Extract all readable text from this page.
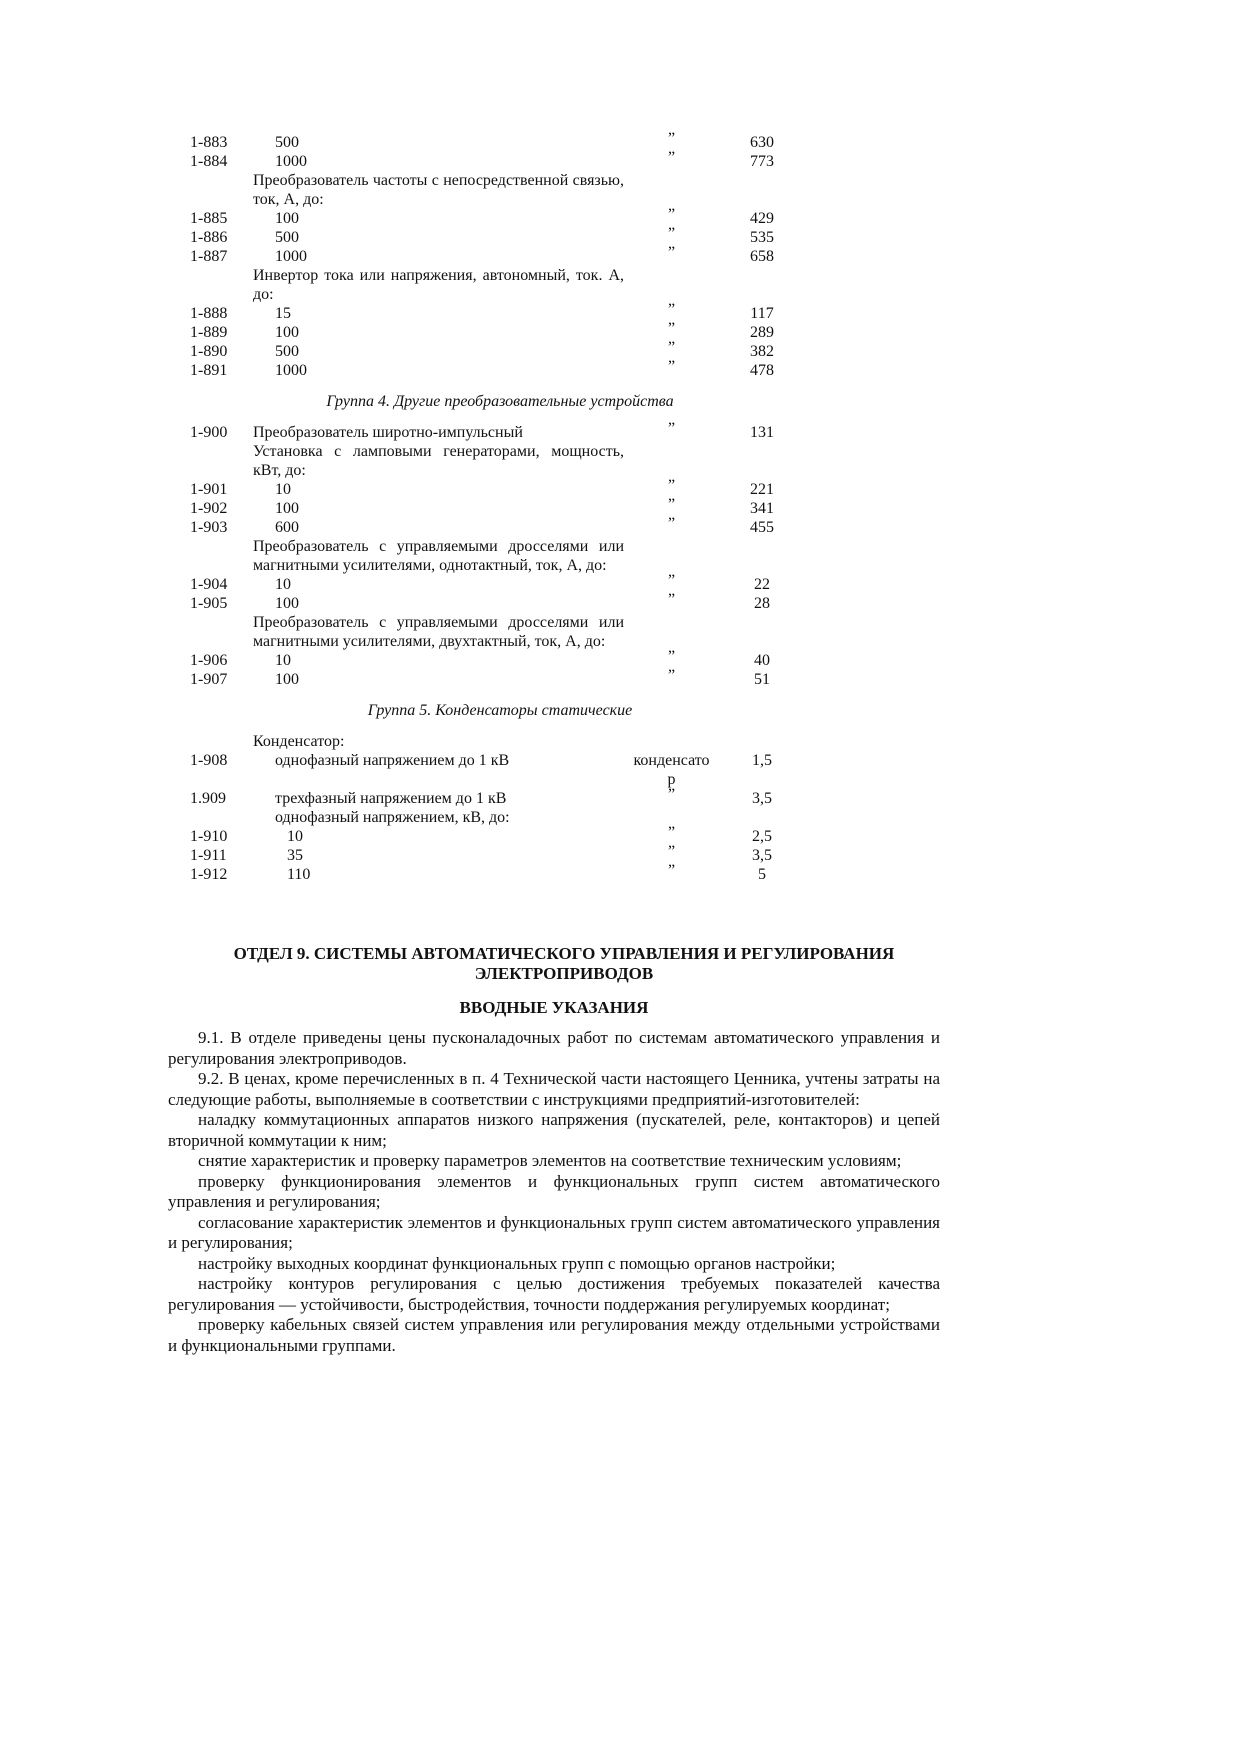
1-883	500	”	630
1-884	1000	”	773
	Преобразователь частоты с непосредственной связью, ток, А, до:		
1-885	100	”	429
1-886	500	”	535
1-887	1000	”	658
	Инвертор тока или напряжения, автономный, ток. А, до:		
1-888	15	”	117
1-889	100	”	289
1-890	500	”	382
1-891	1000	”	478
Группа 4. Другие преобразовательные устройства			
1-900	Преобразователь широтно-импульсный	”	131
	Установка с ламповыми генераторами, мощность, кВт, до:		
1-901	10	”	221
1-902	100	”	341
1-903	600	”	455
	Преобразователь с управляемыми дросселями или магнитными усилителями, однотактный, ток, А, до:		
1-904	10	”	22
1-905	100	”	28
	Преобразователь с управляемыми дросселями или магнитными усилителями, двухтактный, ток, А, до:		
1-906	10	”	40
1-907	100	”	51
Группа 5. Конденсаторы статические			
	Конденсатор:		
1-908	однофазный напряжением до 1 кВ	конденсатор	1,5
1.909	трехфазный напряжением до 1 кВ	”	3,5
	однофазный напряжением, кВ, до:		
1-910	10	”	2,5
1-911	35	”	3,5
1-912	110	”	5
ОТДЕЛ 9. СИСТЕМЫ АВТОМАТИЧЕСКОГО УПРАВЛЕНИЯ И РЕГУЛИРОВАНИЯ ЭЛЕКТРОПРИВОДОВ
ВВОДНЫЕ УКАЗАНИЯ

9.1. В отделе приведены цены пусконаладочных работ по системам автоматического управления и регулирования электроприводов.

9.2. В ценах, кроме перечисленных в п. 4 Технической части настоящего Ценника, учтены затраты на следующие работы, выполняемые в соответствии с инструкциями предприятий-изготовителей:

наладку коммутационных аппаратов низкого напряжения (пускателей, реле, контакторов) и цепей вторичной коммутации к ним;

снятие характеристик и проверку параметров элементов на соответствие техническим условиям;

проверку функционирования элементов и функциональных групп систем автоматического управления и регулирования;

согласование характеристик элементов и функциональных групп систем автоматического управления и регулирования;

настройку выходных координат функциональных групп с помощью органов настройки;

настройку контуров регулирования с целью достижения требуемых показателей качества регулирования — устойчивости, быстродействия, точности поддержания регулируемых координат;

проверку кабельных связей систем управления или регулирования между отдельными устройствами и функциональными группами.
